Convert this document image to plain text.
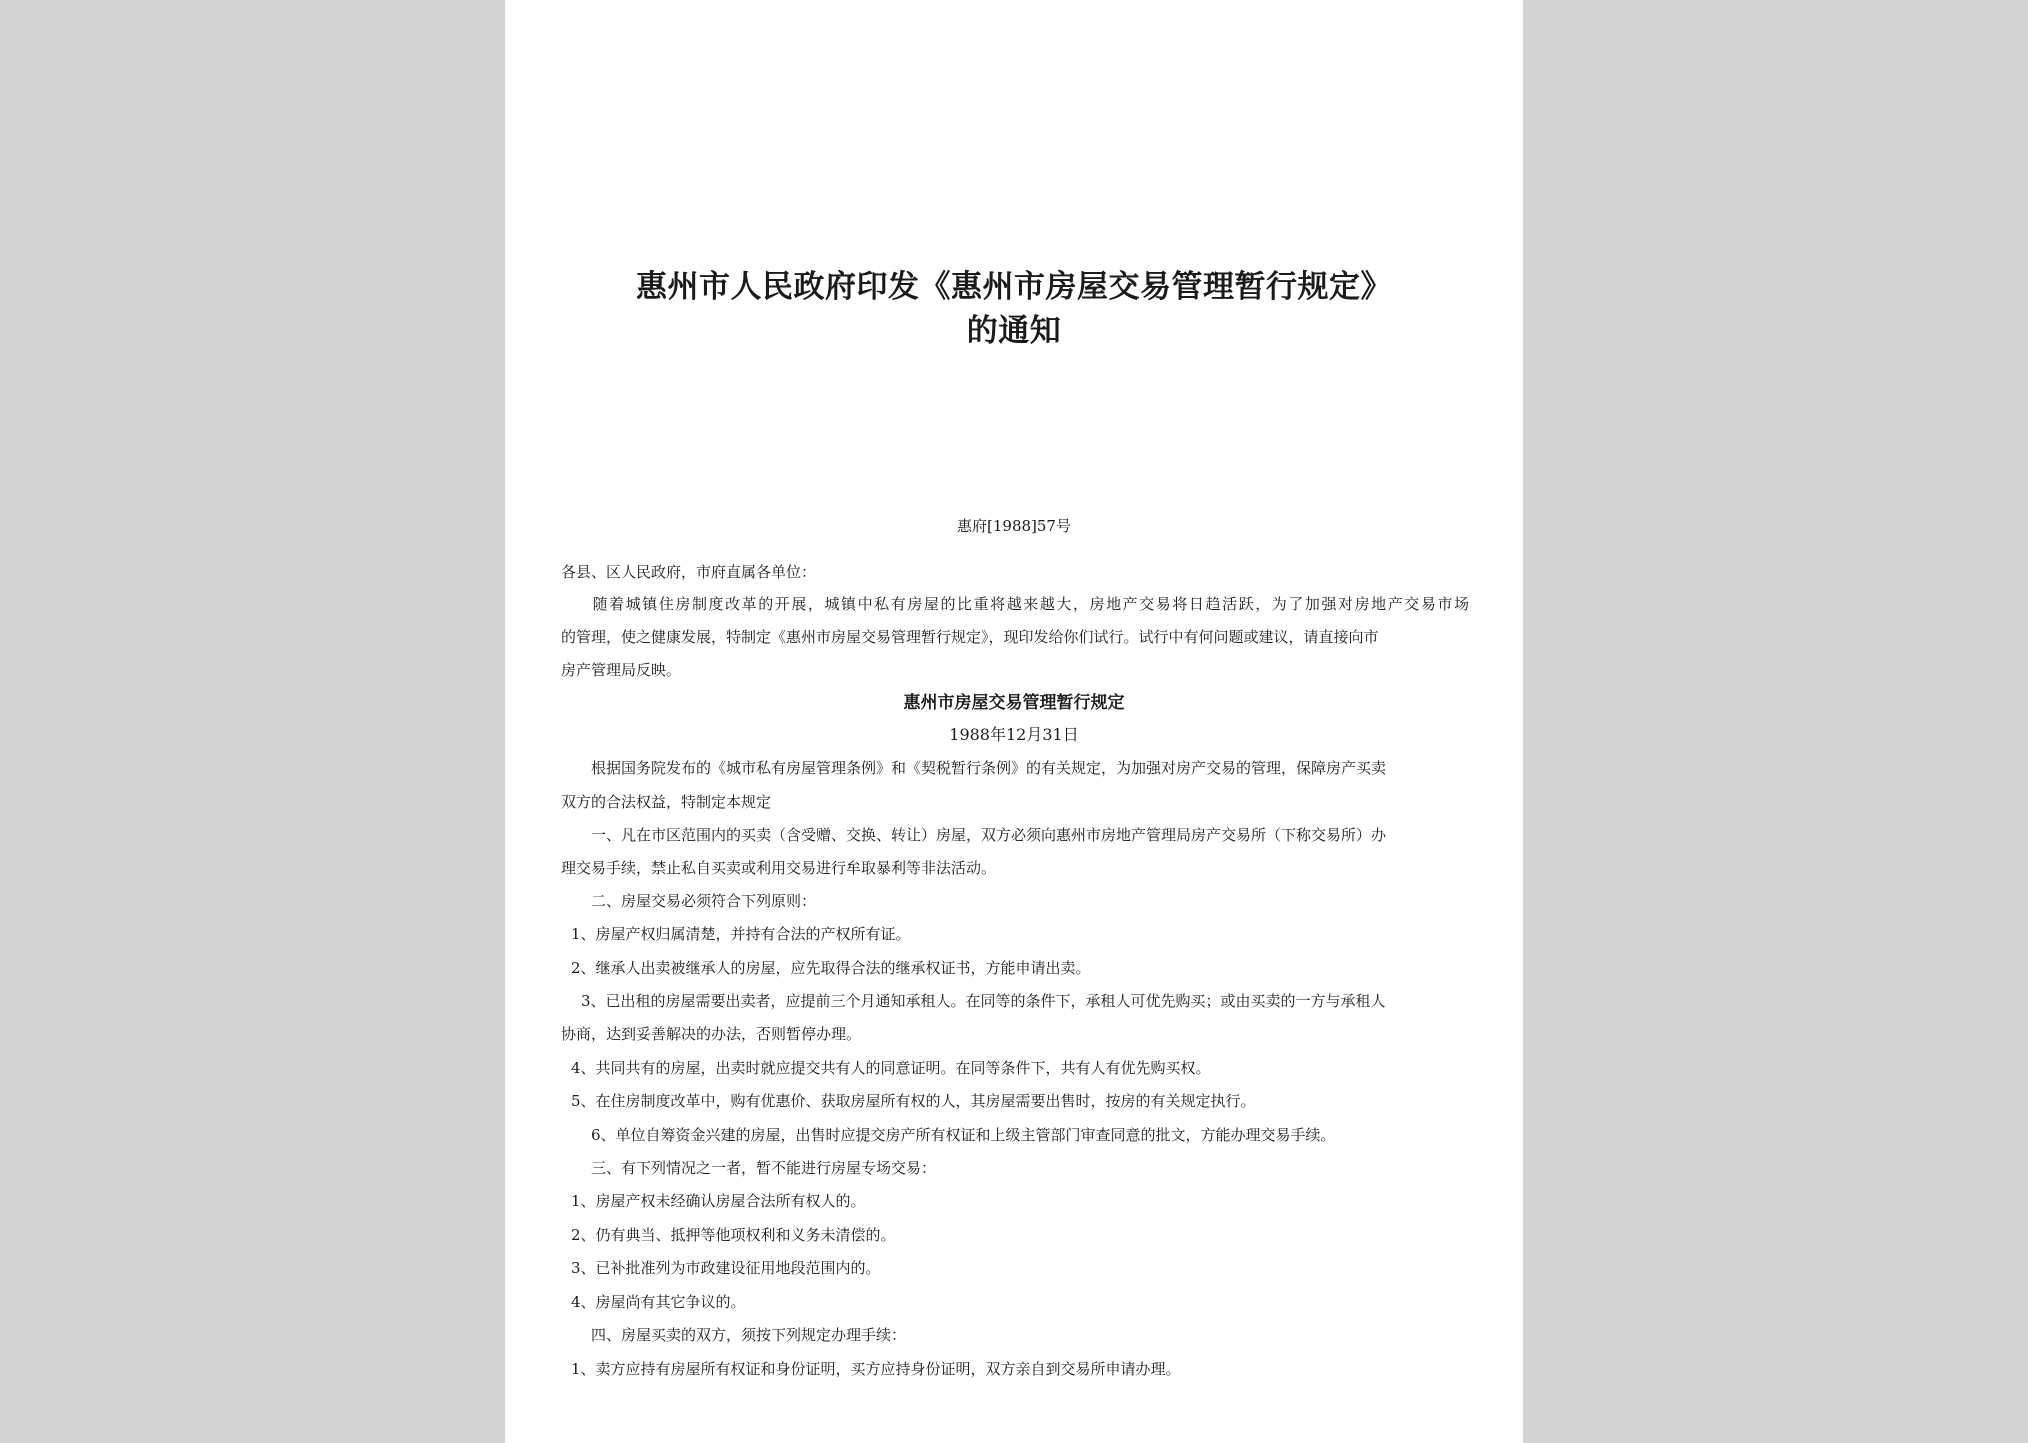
惠州市人民政府印发《惠州市房屋交易管理暂行规定》
的通知
惠府[1988]57号
各县、区人民政府，市府直属各单位：
随着城镇住房制度改革的开展，城镇中私有房屋的比重将越来越大，房地产交易将日趋活跃，为了加强对房地产交易市场
的管理，使之健康发展，特制定《惠州市房屋交易管理暂行规定》，现印发给你们试行。试行中有何问题或建议，请直接向市
房产管理局反映。
惠州市房屋交易管理暂行规定
1988年12月31日
根据国务院发布的《城市私有房屋管理条例》和《契税暂行条例》的有关规定，为加强对房产交易的管理，保障房产买卖
双方的合法权益，特制定本规定
一、凡在市区范围内的买卖（含受赠、交换、转让）房屋，双方必须向惠州市房地产管理局房产交易所（下称交易所）办
理交易手续，禁止私自买卖或利用交易进行牟取暴利等非法活动。
二、房屋交易必须符合下列原则：
1、房屋产权归属清楚，并持有合法的产权所有证。
2、继承人出卖被继承人的房屋，应先取得合法的继承权证书，方能申请出卖。
3、已出租的房屋需要出卖者，应提前三个月通知承租人。在同等的条件下，承租人可优先购买；或由买卖的一方与承租人
协商，达到妥善解决的办法，否则暂停办理。
4、共同共有的房屋，出卖时就应提交共有人的同意证明。在同等条件下，共有人有优先购买权。
5、在住房制度改革中，购有优惠价、获取房屋所有权的人，其房屋需要出售时，按房的有关规定执行。
6、单位自筹资金兴建的房屋，出售时应提交房产所有权证和上级主管部门审查同意的批文，方能办理交易手续。
三、有下列情况之一者，暂不能进行房屋专场交易：
1、房屋产权未经确认房屋合法所有权人的。
2、仍有典当、抵押等他项权利和义务未清偿的。
3、已补批准列为市政建设征用地段范围内的。
4、房屋尚有其它争议的。
四、房屋买卖的双方，须按下列规定办理手续：
1、卖方应持有房屋所有权证和身份证明，买方应持身份证明，双方亲自到交易所申请办理。
